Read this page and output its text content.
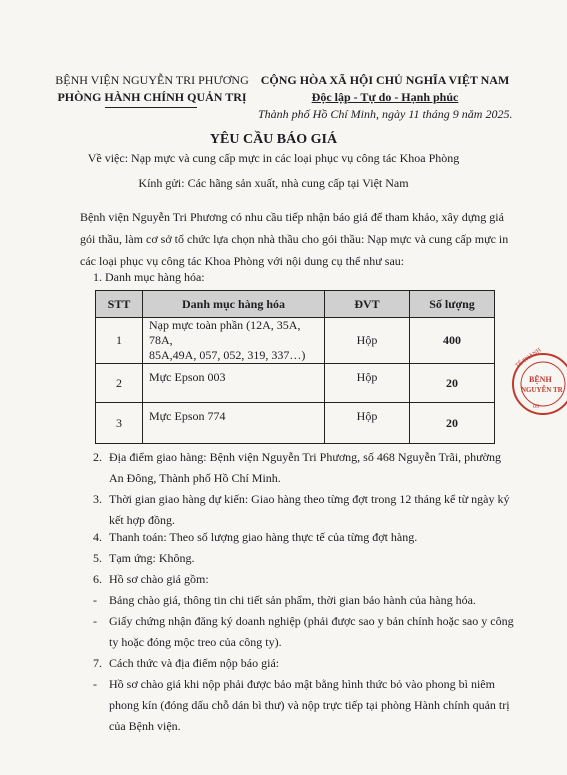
BỆNH VIỆN NGUYỄN TRI PHƯƠNG
PHÒNG HÀNH CHÍNH QUẢN TRỊ
CỘNG HÒA XÃ HỘI CHỦ NGHĨA VIỆT NAM
Độc lập - Tự do - Hạnh phúc
Thành phố Hồ Chí Minh, ngày 11 tháng 9 năm 2025.
YÊU CẦU BÁO GIÁ
Về việc: Nạp mực và cung cấp mực in các loại phục vụ công tác Khoa Phòng
Kính gửi: Các hãng sản xuất, nhà cung cấp tại Việt Nam
Bệnh viện Nguyễn Tri Phương có nhu cầu tiếp nhận báo giá để tham khảo, xây dựng giá
gói thầu, làm cơ sở tổ chức lựa chọn nhà thầu cho gói thầu: Nạp mực và cung cấp mực in
các loại phục vụ công tác Khoa Phòng với nội dung cụ thể như sau:
1. Danh mục hàng hóa:
STT	Danh mục hàng hóa	ĐVT	Số lượng
1	Nạp mực toàn phần (12A, 35A, 78A,
85A,49A, 057, 052, 319, 337…)	Hộp	400
2	Mực Epson 003	Hộp	20
3	Mực Epson 774	Hộp	20
TẾ THÀNH
BỆNH
NGUYỄN TR
09
2. Địa điểm giao hàng: Bệnh viện Nguyễn Tri Phương, số 468 Nguyễn Trãi, phường
An Đông, Thành phố Hồ Chí Minh.
3. Thời gian giao hàng dự kiến: Giao hàng theo từng đợt trong 12 tháng kể từ ngày ký
kết hợp đồng.
4. Thanh toán: Theo số lượng giao hàng thực tế của từng đợt hàng.
5. Tạm ứng: Không.
6. Hồ sơ chào giá gồm:
- Bảng chào giá, thông tin chi tiết sản phẩm, thời gian bảo hành của hàng hóa.
- Giấy chứng nhận đăng ký doanh nghiệp (phải được sao y bản chính hoặc sao y công
ty hoặc đóng mộc treo của công ty).
7. Cách thức và địa điểm nộp báo giá:
- Hồ sơ chào giá khi nộp phải được bảo mật bằng hình thức bỏ vào phong bì niêm
phong kín (đóng dấu chỗ dán bì thư) và nộp trực tiếp tại phòng Hành chính quản trị
của Bệnh viện.
